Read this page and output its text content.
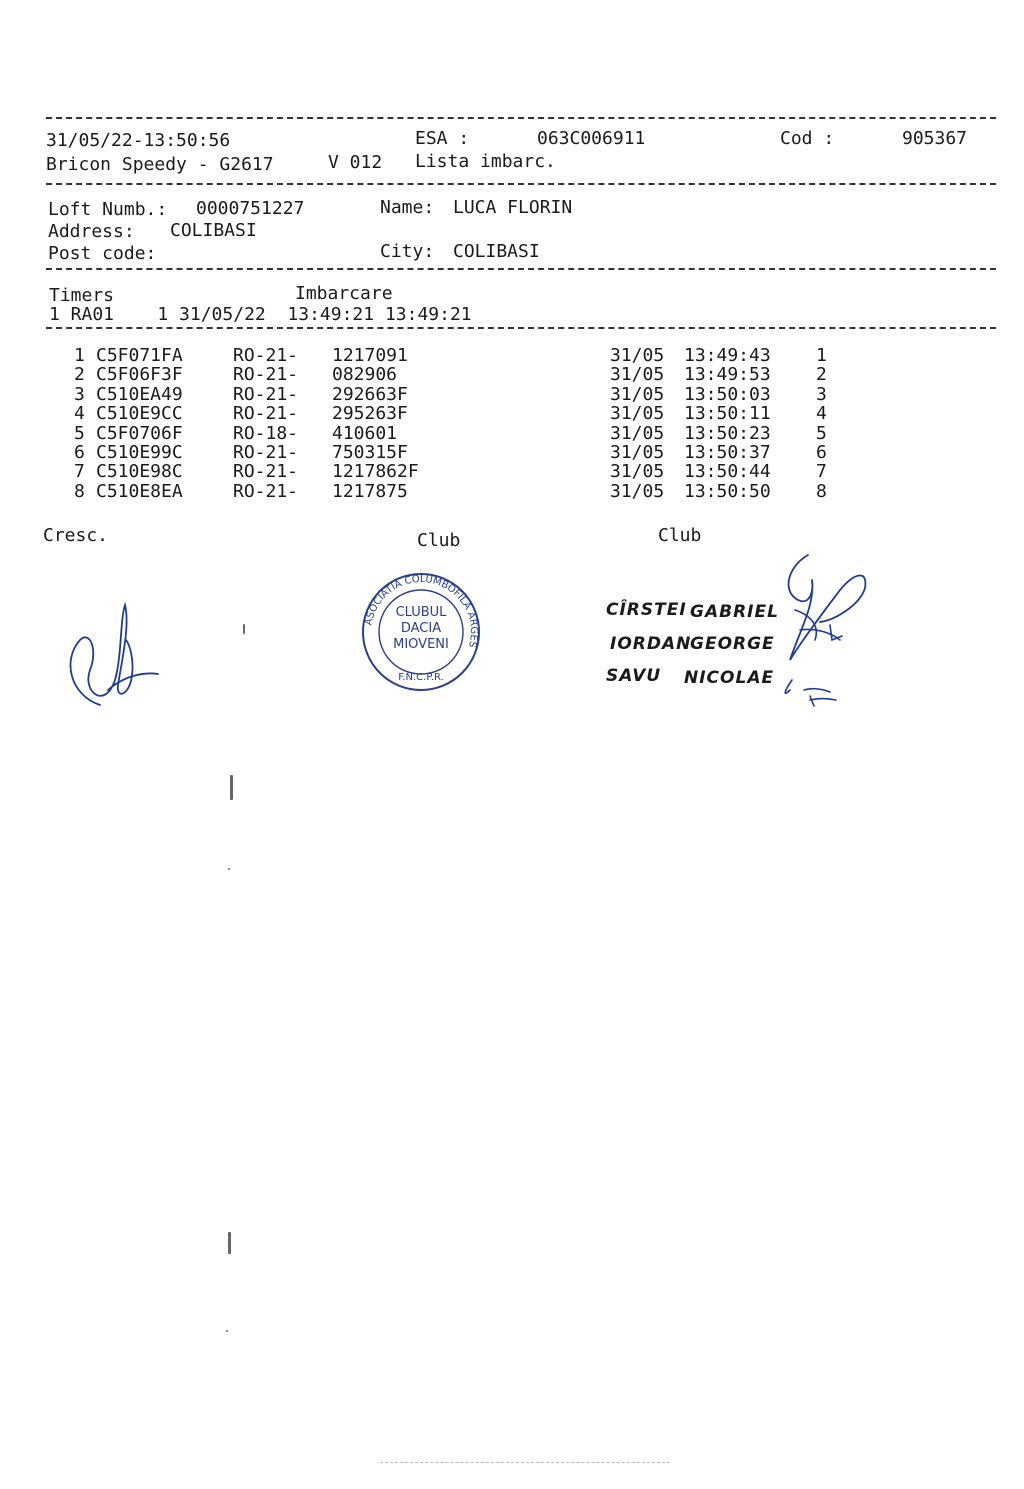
31/05/22-13:50:56	ESA :	063C006911	Cod :	905367
Bricon Speedy - G2617	V 012 Lista imbarc.
Loft Numb.: 0000751227	Name: LUCA FLORIN
Address: COLIBASI
Post code:	City: COLIBASI
Timers	Imbarcare
1 RA01    1 31/05/22  13:49:21 13:49:21
1 C5F071FA	RO-21- 1217091	31/05 13:49:43	1
2 C5F06F3F	RO-21- 082906	31/05 13:49:53	2
3 C510EA49	RO-21- 292663F	31/05 13:50:03	3
4 C510E9CC	RO-21- 295263F	31/05 13:50:11	4
5 C5F0706F	RO-18- 410601	31/05 13:50:23	5
6 C510E99C	RO-21- 750315F	31/05 13:50:37	6
7 C510E98C	RO-21- 1217862F	31/05 13:50:44	7
8 C510E8EA	RO-21- 1217875	31/05 13:50:50	8
Cresc.	Club	Club
ASOCIATIA COLUMBOFILA ARGES
CLUBUL
DACIA
MIOVENI
F.N.C.P.R.
CÎRSTEI GABRIEL
IORDAN
GEORGE
SAVU NICOLAE
